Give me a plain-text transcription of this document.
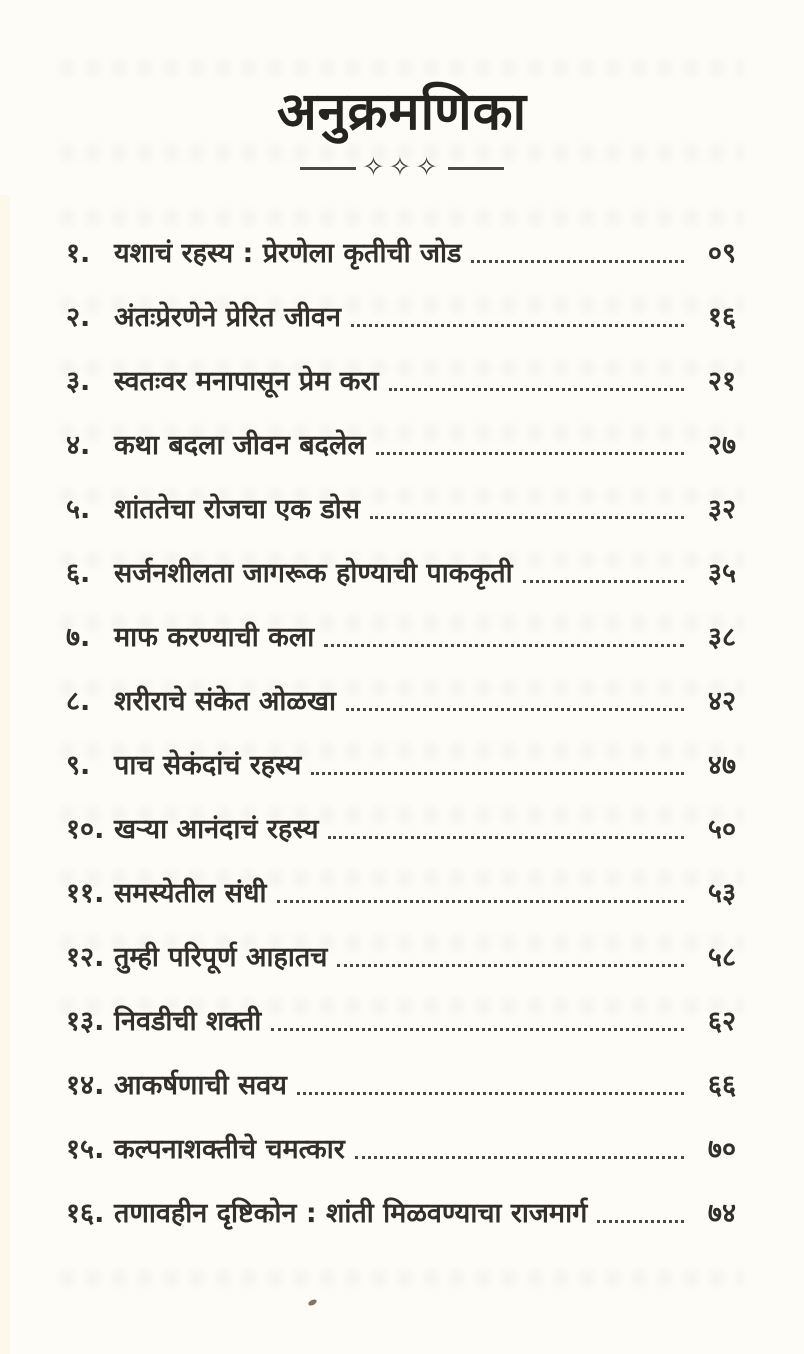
अनुक्रमणिका
✧✧✧
१. यशाचं रहस्य : प्रेरणेला कृतीची जोड	०९
२. अंतःप्रेरणेने प्रेरित जीवन	१६
३. स्वतःवर मनापासून प्रेम करा	२१
४. कथा बदला जीवन बदलेल	२७
५. शांततेचा रोजचा एक डोस	३२
६. सर्जनशीलता जागरूक होण्याची पाककृती	३५
७. माफ करण्याची कला	३८
८. शरीराचे संकेत ओळखा	४२
९. पाच सेकंदांचं रहस्य	४७
१०. खऱ्या आनंदाचं रहस्य	५०
११. समस्येतील संधी	५३
१२. तुम्ही परिपूर्ण आहातच	५८
१३. निवडीची शक्ती	६२
१४. आकर्षणाची सवय	६६
१५. कल्पनाशक्तीचे चमत्कार	७०
१६. तणावहीन दृष्टिकोन : शांती मिळवण्याचा राजमार्ग	७४
